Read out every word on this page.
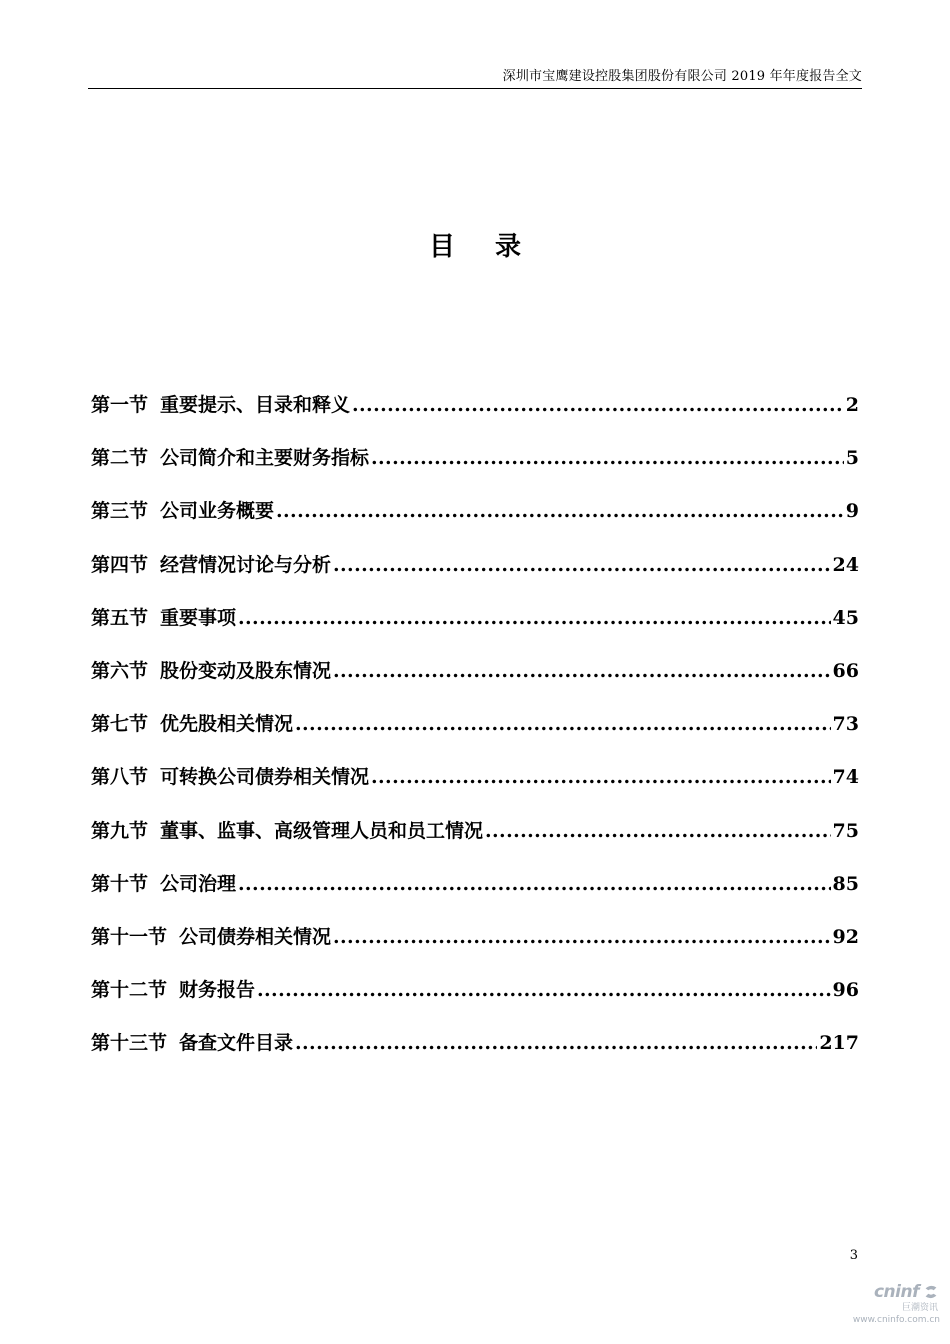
深圳市宝鹰建设控股集团股份有限公司 2019 年年度报告全文
目录
第一节 重要提示、目录和释义 .....	2
第二节 公司简介和主要财务指标 .....	5
第三节 公司业务概要 .....	9
第四节 经营情况讨论与分析 .....	24
第五节 重要事项 .....	45
第六节 股份变动及股东情况 .....	66
第七节 优先股相关情况 .....	73
第八节 可转换公司债券相关情况 .....	74
第九节 董事、监事、高级管理人员和员工情况 .....	75
第十节 公司治理 .....	85
第十一节 公司债券相关情况 .....	92
第十二节 财务报告 .....	96
第十三节 备查文件目录 .....	217
3
cninf
巨潮资讯
www.cninfo.com.cn
